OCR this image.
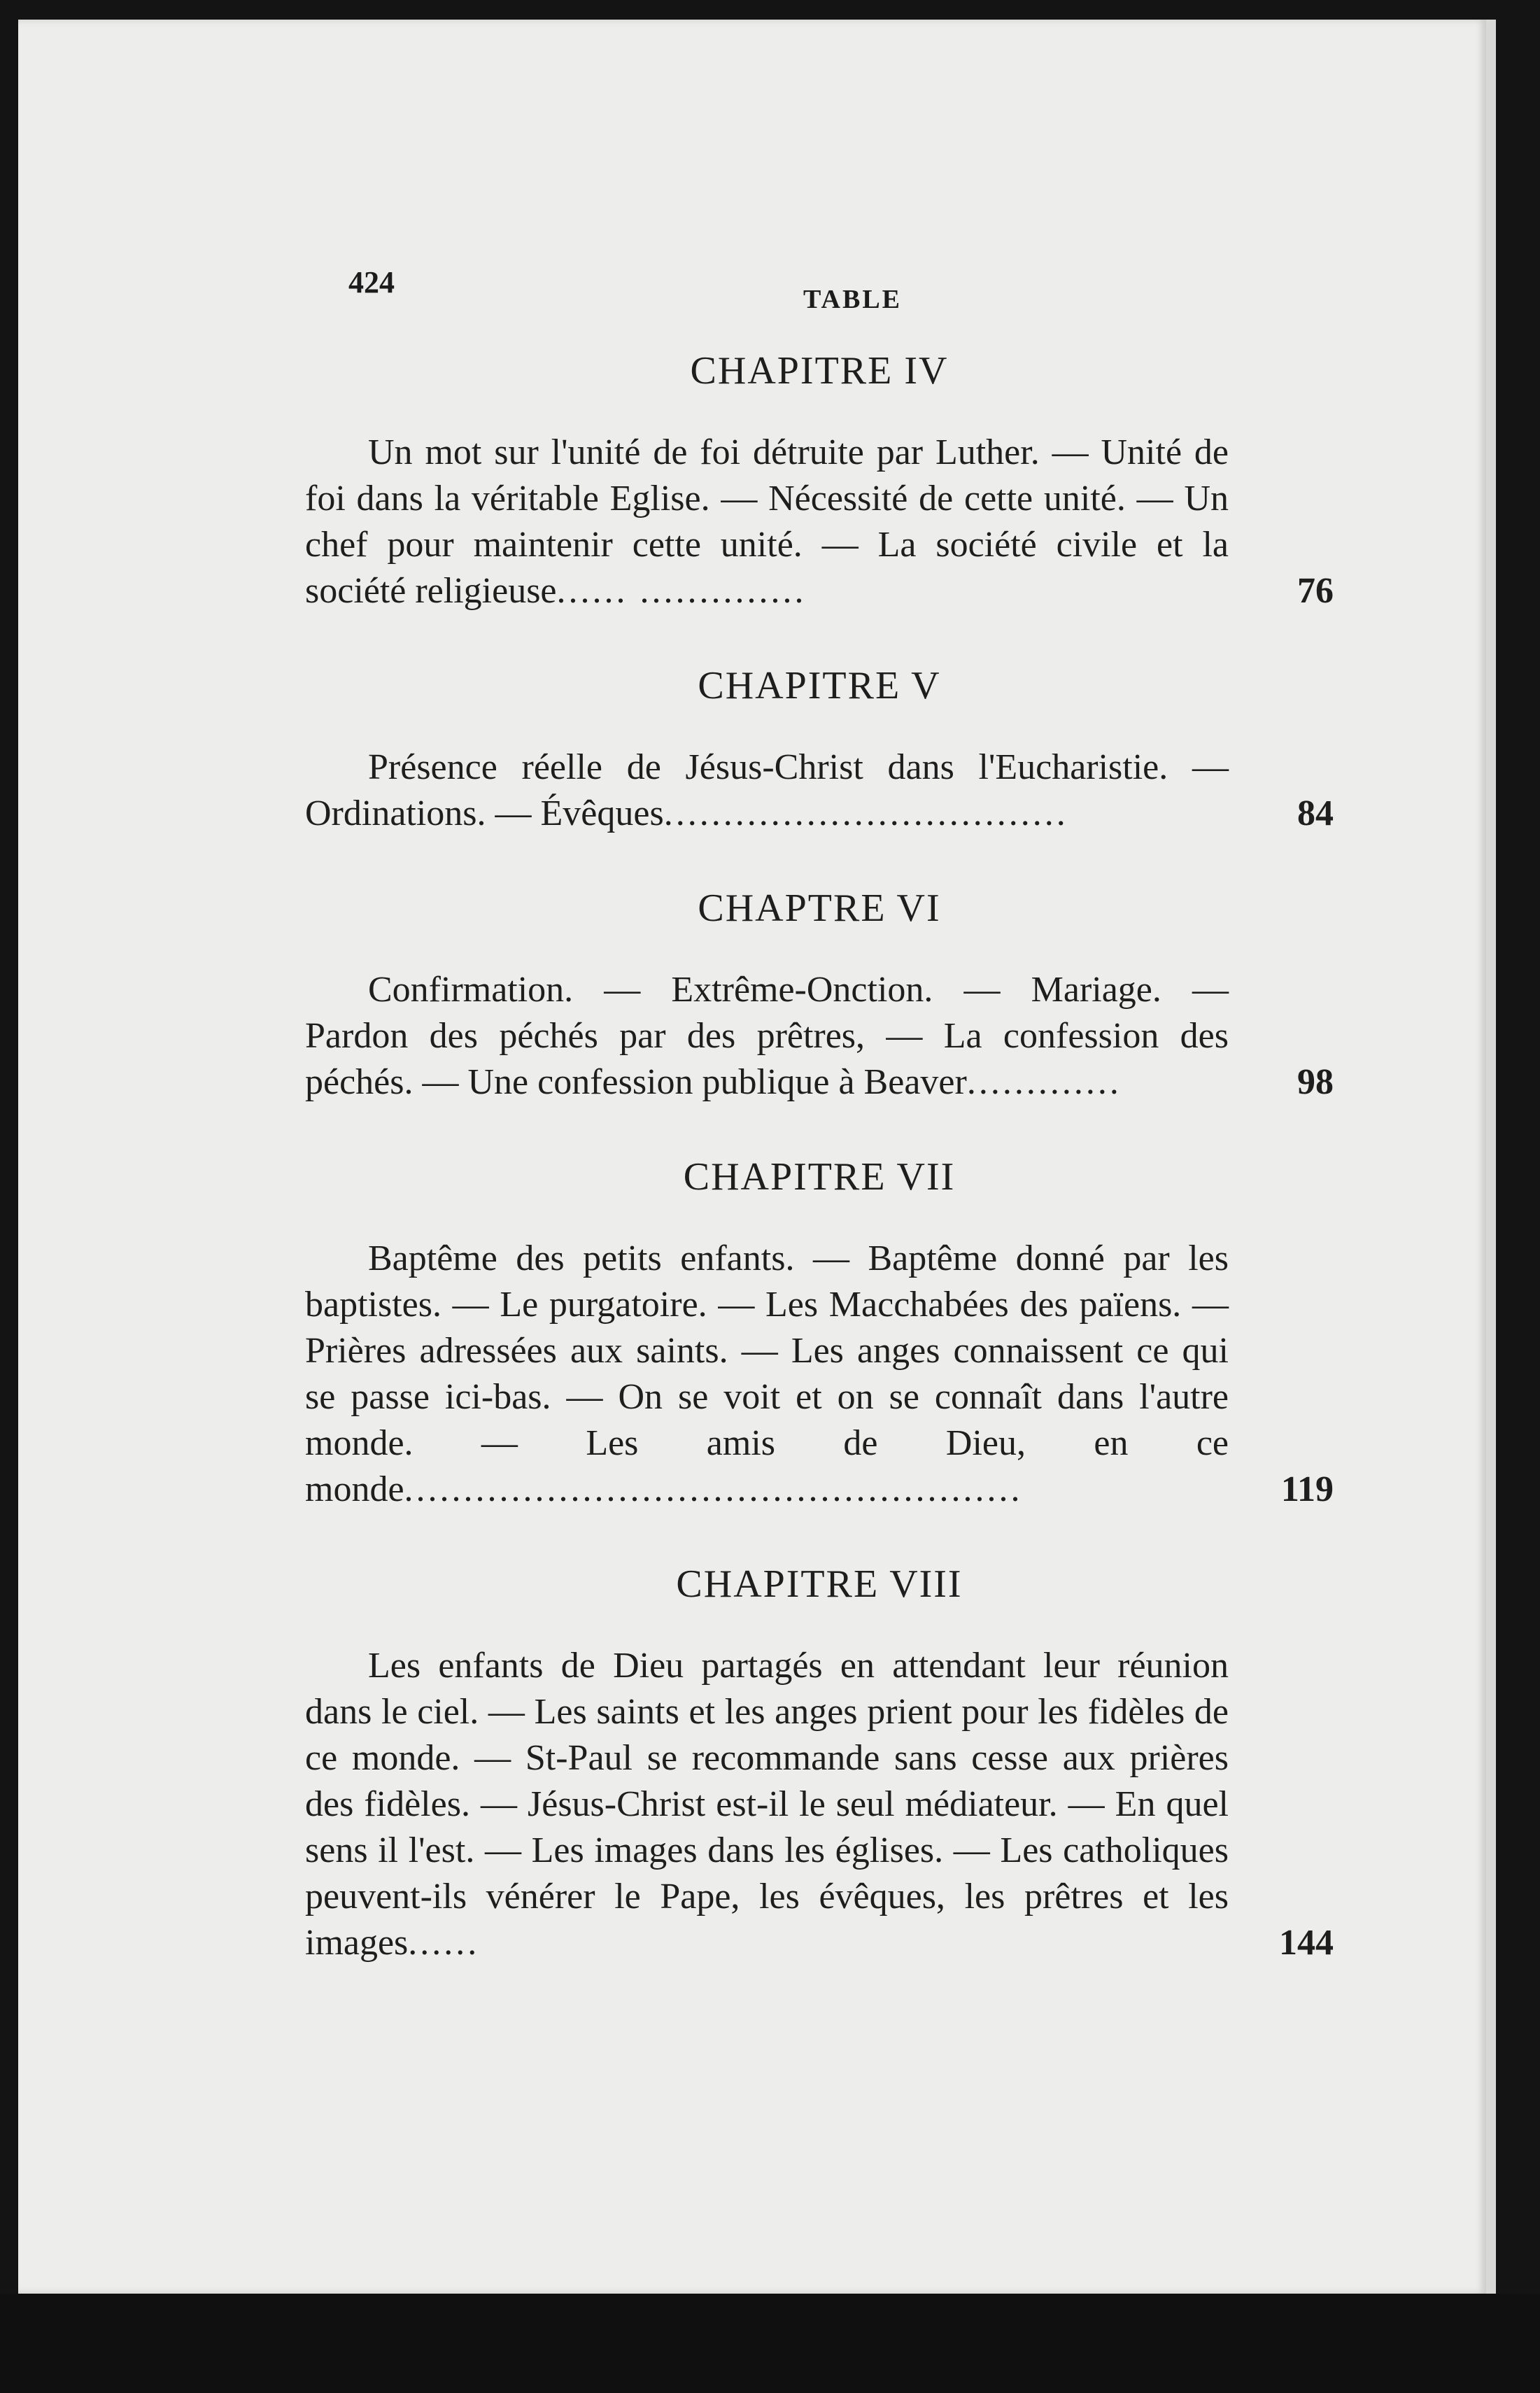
424	TABLE
CHAPITRE IV

Un mot sur l'unité de foi détruite par Luther. — Unité de foi dans la véritable Eglise. — Nécessité de cette unité. — Un chef pour maintenir cette unité. — La société civile et la société religieuse...... ..............	76

CHAPITRE V

Présence réelle de Jésus-Christ dans l'Eucharistie. — Ordinations. — Évêques..................................	84

CHAPTRE VI

Confirmation. — Extrême-Onction. — Mariage. — Pardon des péchés par des prêtres, — La confession des péchés. — Une confession publique à Beaver.............	98

CHAPITRE VII

Baptême des petits enfants. — Baptême donné par les baptistes. — Le purgatoire. — Les Macchabées des païens. — Prières adressées aux saints. — Les anges connaissent ce qui se passe ici-bas. — On se voit et on se connaît dans l'autre monde. — Les amis de Dieu, en ce monde....................................................	119

CHAPITRE VIII

Les enfants de Dieu partagés en attendant leur réunion dans le ciel. — Les saints et les anges prient pour les fidèles de ce monde. — St-Paul se recommande sans cesse aux prières des fidèles. — Jésus-Christ est-il le seul médiateur. — En quel sens il l'est. — Les images dans les églises. — Les catholiques peuvent-ils vénérer le Pape, les évêques, les prêtres et les images......	144
